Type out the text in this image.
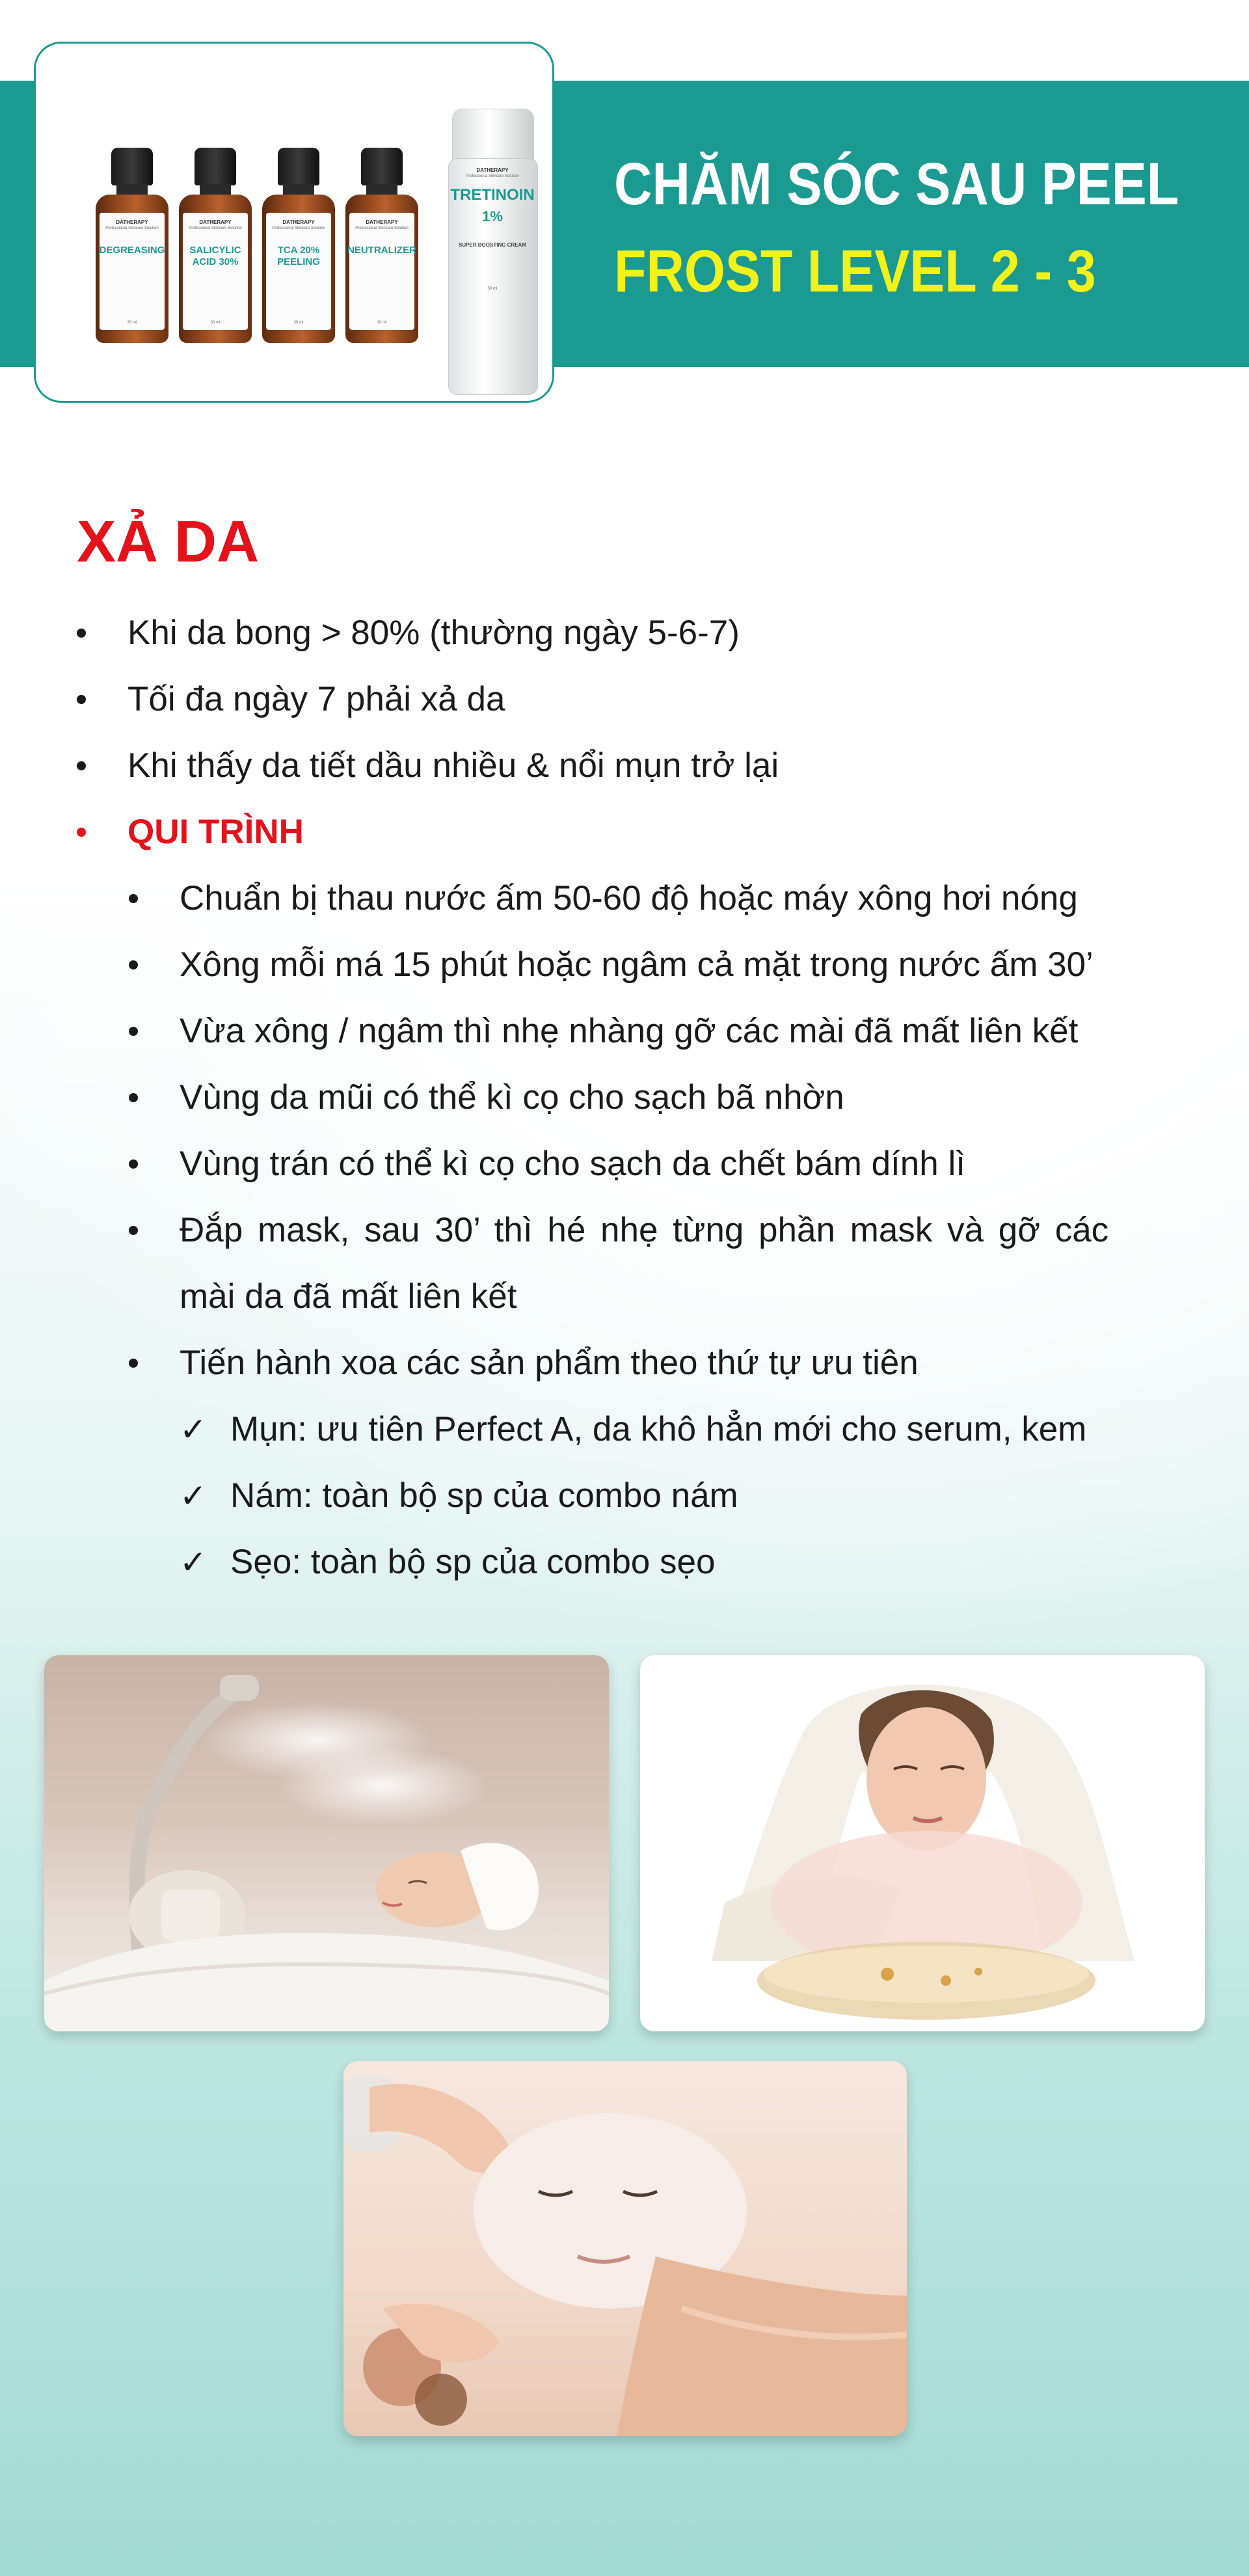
DATHERAPY
Professional Skincare Solution
DEGREASING
30 ml
DATHERAPY
Professional Skincare Solution
SALICYLIC ACID 30%
30 ml
DATHERAPY
Professional Skincare Solution
TCA 20% PEELING
30 ml
DATHERAPY
Professional Skincare Solution
NEUTRALIZER
30 ml
DATHERAPY
Professional Skincare Solution
TRETINOIN
1%
SUPER BOOSTING CREAM
50 ml
CHĂM SÓC SAU PEEL
FROST LEVEL 2 - 3
XẢ DA
Khi da bong > 80% (thường ngày 5-6-7)
Tối đa ngày 7 phải xả da
Khi thấy da tiết dầu nhiều & nổi mụn trở lại
QUI TRÌNH
Chuẩn bị thau nước ấm 50-60 độ hoặc máy xông hơi nóng
Xông mỗi má 15 phút hoặc ngâm cả mặt trong nước ấm 30’
Vừa xông / ngâm thì nhẹ nhàng gỡ các mài đã mất liên kết
Vùng da mũi có thể kì cọ cho sạch bã nhờn
Vùng trán có thể kì cọ cho sạch da chết bám dính lì
Đắp mask, sau 30’ thì hé nhẹ từng phần mask và gỡ các
mài da đã mất liên kết
Tiến hành xoa các sản phẩm theo thứ tự ưu tiên
✓ Mụn: ưu tiên Perfect A, da khô hẳn mới cho serum, kem
✓ Nám: toàn bộ sp của combo nám
✓ Sẹo: toàn bộ sp của combo sẹo
